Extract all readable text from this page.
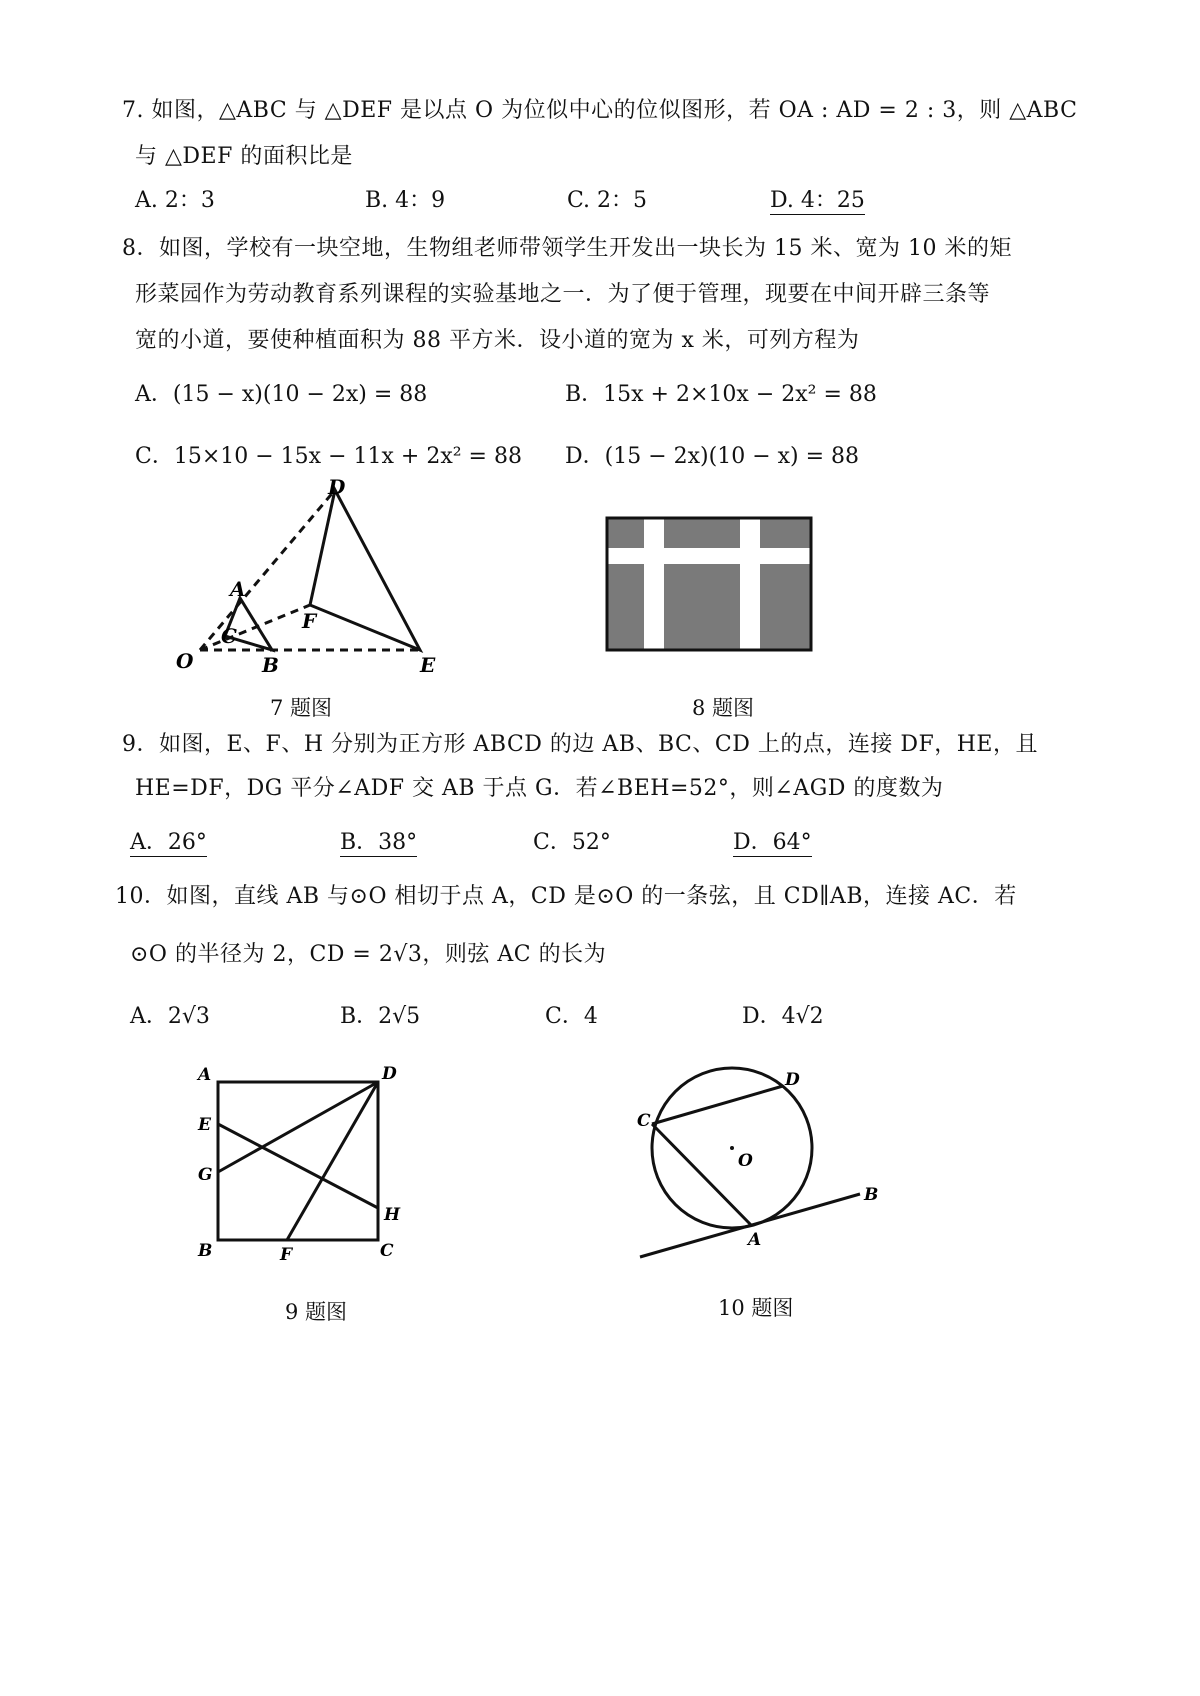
7. 如图，△ABC 与 △DEF 是以点 O 为位似中心的位似图形，若 OA : AD = 2 : 3，则 △ABC
与 △DEF 的面积比是
A. 2：3	B. 4：9	C. 2：5	D. 4：25
8．如图，学校有一块空地，生物组老师带领学生开发出一块长为 15 米、宽为 10 米的矩
形菜园作为劳动教育系列课程的实验基地之一．为了便于管理，现要在中间开辟三条等
宽的小道，要使种植面积为 88 平方米．设小道的宽为 x 米，可列方程为
A．(15 − x)(10 − 2x) = 88	B．15x + 2×10x − 2x² = 88
C．15×10 − 15x − 11x + 2x² = 88 D．(15 − 2x)(10 − x) = 88
O
A
C
B
D
F
E
7 题图	8 题图
9．如图，E、F、H 分别为正方形 ABCD 的边 AB、BC、CD 上的点，连接 DF，HE，且
HE=DF，DG 平分∠ADF 交 AB 于点 G．若∠BEH=52°，则∠AGD 的度数为
A．26°	B．38°	C．52°	D．64°
10．如图，直线 AB 与⊙O 相切于点 A，CD 是⊙O 的一条弦，且 CD∥AB，连接 AC．若
⊙O 的半径为 2，CD = 2√3，则弦 AC 的长为
A．2√3	B．2√5	C．4	D．4√2
A	D
E
G
H
B	F	C
9 题图
O
C
D
A
B
10 题图
